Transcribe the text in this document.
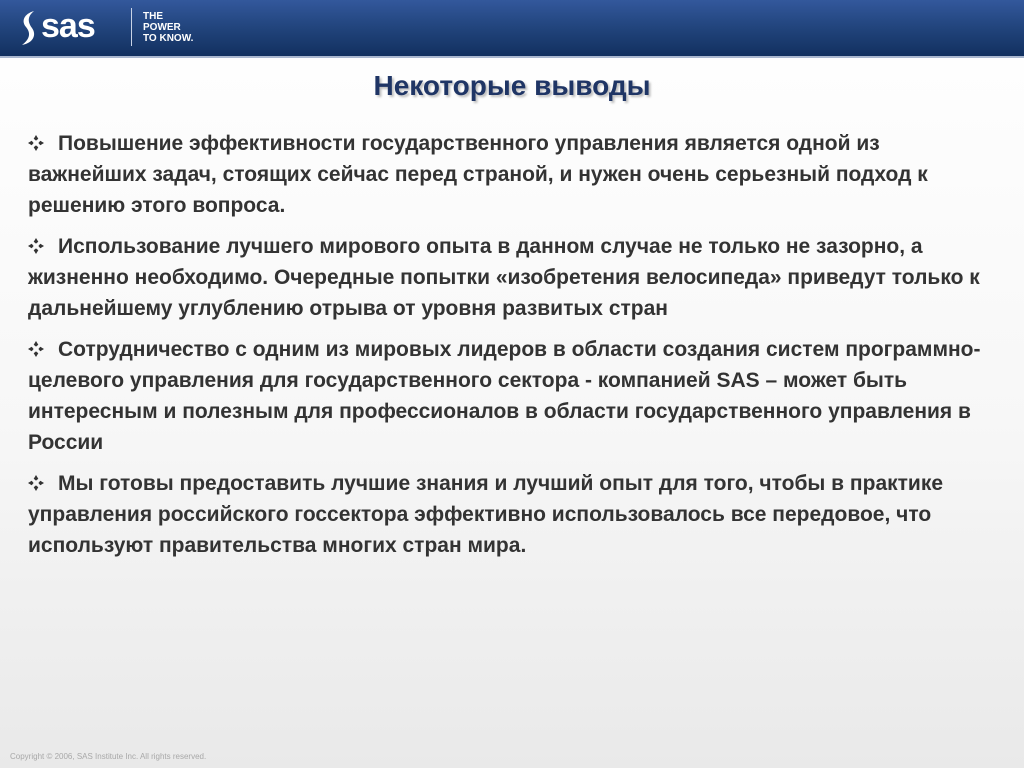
sas	THE
POWER
TO KNOW.
Некоторые выводы
Повышение эффективности государственного управления является одной из важнейших задач, стоящих сейчас перед страной, и нужен очень серьезный подход к решению этого вопроса.
Использование лучшего мирового опыта в данном случае не только не зазорно, а жизненно необходимо. Очередные попытки «изобретения велосипеда» приведут только к дальнейшему углублению отрыва от уровня развитых стран
Сотрудничество с одним из мировых лидеров в области создания систем программно-целевого управления для государственного сектора - компанией SAS – может быть интересным и полезным для профессионалов в области государственного управления в России
Мы готовы предоставить лучшие знания и лучший опыт для того, чтобы в практике управления российского госсектора эффективно использовалось все передовое, что используют правительства многих стран мира.
Copyright © 2006, SAS Institute Inc. All rights reserved.
